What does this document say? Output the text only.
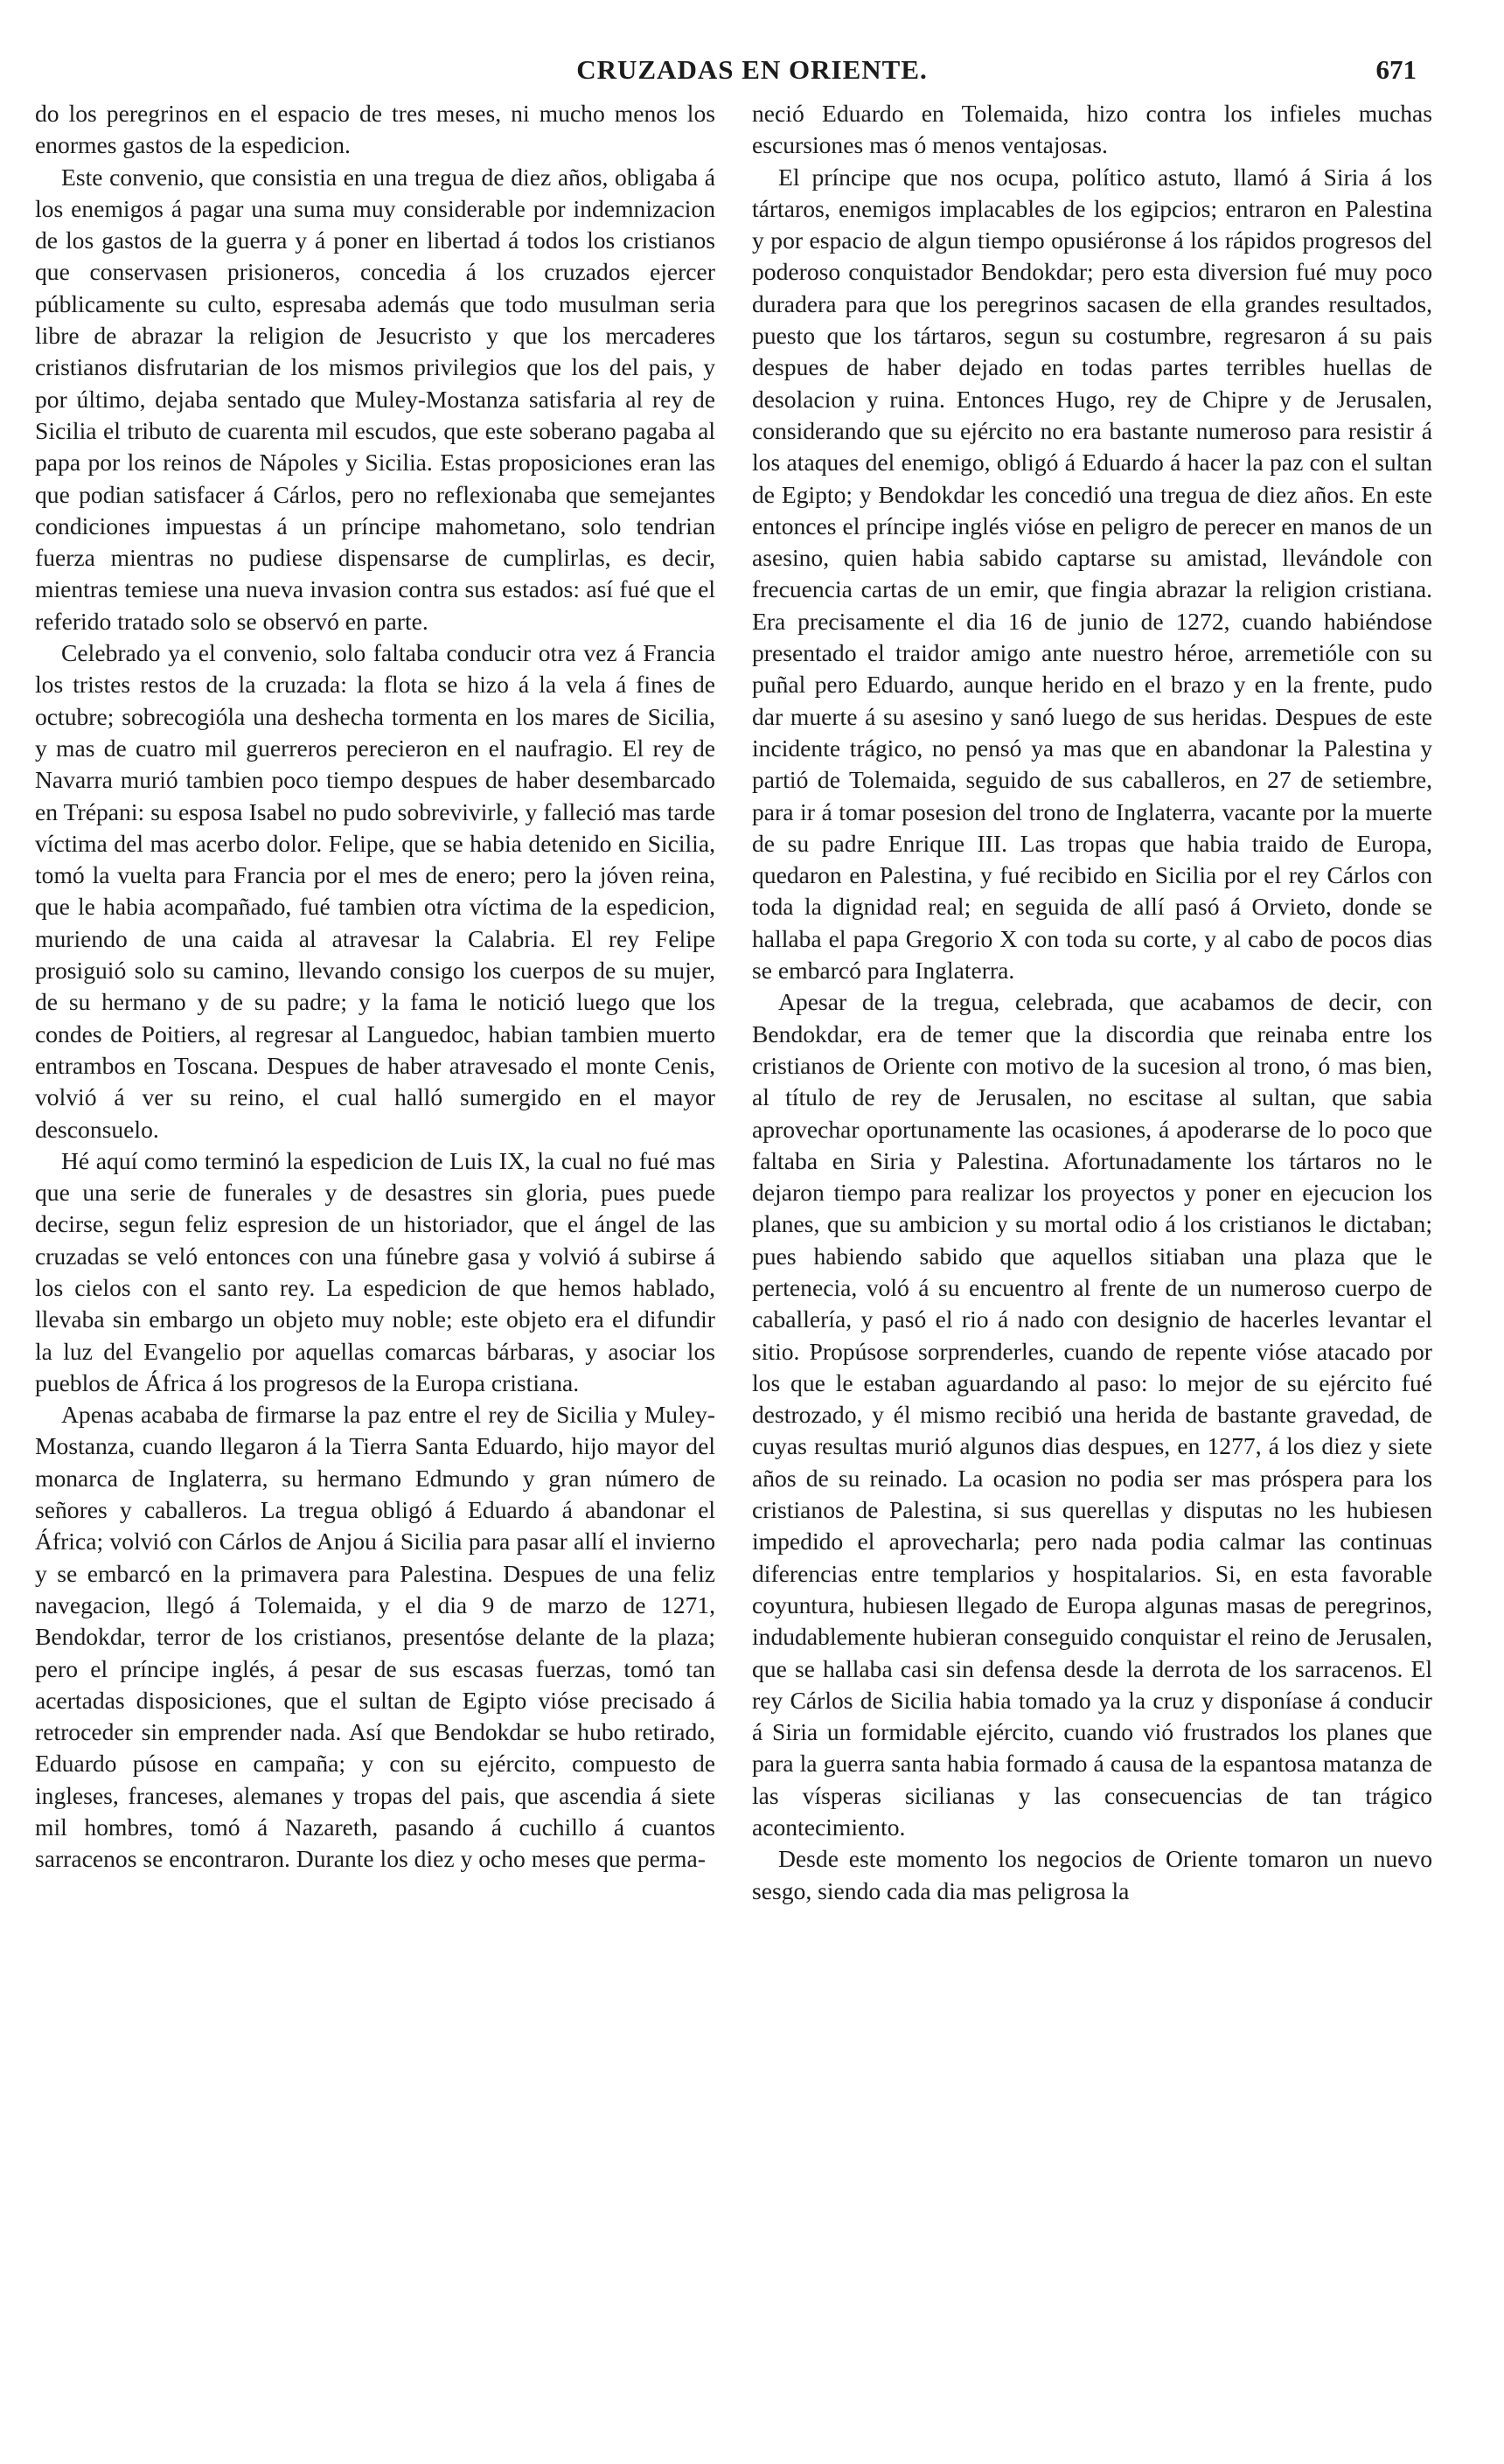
CRUZADAS EN ORIENTE.	671

do los peregrinos en el espacio de tres meses, ni mucho menos los enormes gastos de la espedicion.

Este convenio, que consistia en una tregua de diez años, obligaba á los enemigos á pagar una suma muy considerable por indemnizacion de los gastos de la guerra y á poner en libertad á todos los cristianos que conservasen prisioneros, concedia á los cruzados ejercer públicamente su culto, espresaba además que todo musulman seria libre de abrazar la religion de Jesucristo y que los mercaderes cristianos disfrutarian de los mismos privilegios que los del pais, y por último, dejaba sentado que Muley-Mostanza satisfaria al rey de Sicilia el tributo de cuarenta mil escudos, que este soberano pagaba al papa por los reinos de Nápoles y Sicilia. Estas proposiciones eran las que podian satisfacer á Cárlos, pero no reflexionaba que semejantes condiciones impuestas á un príncipe mahometano, solo tendrian fuerza mientras no pudiese dispensarse de cumplirlas, es decir, mientras temiese una nueva invasion contra sus estados: así fué que el referido tratado solo se observó en parte.

Celebrado ya el convenio, solo faltaba conducir otra vez á Francia los tristes restos de la cruzada: la flota se hizo á la vela á fines de octubre; sobrecogióla una deshecha tormenta en los mares de Sicilia, y mas de cuatro mil guerreros perecieron en el naufragio. El rey de Navarra murió tambien poco tiempo despues de haber desembarcado en Trépani: su esposa Isabel no pudo sobrevivirle, y falleció mas tarde víctima del mas acerbo dolor. Felipe, que se habia detenido en Sicilia, tomó la vuelta para Francia por el mes de enero; pero la jóven reina, que le habia acompañado, fué tambien otra víctima de la espedicion, muriendo de una caida al atravesar la Calabria. El rey Felipe prosiguió solo su camino, llevando consigo los cuerpos de su mujer, de su hermano y de su padre; y la fama le notició luego que los condes de Poitiers, al regresar al Languedoc, habian tambien muerto entrambos en Toscana. Despues de haber atravesado el monte Cenis, volvió á ver su reino, el cual halló sumergido en el mayor desconsuelo.

Hé aquí como terminó la espedicion de Luis IX, la cual no fué mas que una serie de funerales y de desastres sin gloria, pues puede decirse, segun feliz espresion de un historiador, que el ángel de las cruzadas se veló entonces con una fúnebre gasa y volvió á subirse á los cielos con el santo rey. La espedicion de que hemos hablado, llevaba sin embargo un objeto muy noble; este objeto era el difundir la luz del Evangelio por aquellas comarcas bárbaras, y asociar los pueblos de África á los progresos de la Europa cristiana.

Apenas acababa de firmarse la paz entre el rey de Sicilia y Muley-Mostanza, cuando llegaron á la Tierra Santa Eduardo, hijo mayor del monarca de Inglaterra, su hermano Edmundo y gran número de señores y caballeros. La tregua obligó á Eduardo á abandonar el África; volvió con Cárlos de Anjou á Sicilia para pasar allí el invierno y se embarcó en la primavera para Palestina. Despues de una feliz navegacion, llegó á Tolemaida, y el dia 9 de marzo de 1271, Bendokdar, terror de los cristianos, presentóse delante de la plaza; pero el príncipe inglés, á pesar de sus escasas fuerzas, tomó tan acertadas disposiciones, que el sultan de Egipto vióse precisado á retroceder sin emprender nada. Así que Bendokdar se hubo retirado, Eduardo púsose en campaña; y con su ejército, compuesto de ingleses, franceses, alemanes y tropas del pais, que ascendia á siete mil hombres, tomó á Nazareth, pasando á cuchillo á cuantos sarracenos se encontraron. Durante los diez y ocho meses que perma-

neció Eduardo en Tolemaida, hizo contra los infieles muchas escursiones mas ó menos ventajosas.

El príncipe que nos ocupa, político astuto, llamó á Siria á los tártaros, enemigos implacables de los egipcios; entraron en Palestina y por espacio de algun tiempo opusiéronse á los rápidos progresos del poderoso conquistador Bendokdar; pero esta diversion fué muy poco duradera para que los peregrinos sacasen de ella grandes resultados, puesto que los tártaros, segun su costumbre, regresaron á su pais despues de haber dejado en todas partes terribles huellas de desolacion y ruina. Entonces Hugo, rey de Chipre y de Jerusalen, considerando que su ejército no era bastante numeroso para resistir á los ataques del enemigo, obligó á Eduardo á hacer la paz con el sultan de Egipto; y Bendokdar les concedió una tregua de diez años. En este entonces el príncipe inglés vióse en peligro de perecer en manos de un asesino, quien habia sabido captarse su amistad, llevándole con frecuencia cartas de un emir, que fingia abrazar la religion cristiana. Era precisamente el dia 16 de junio de 1272, cuando habiéndose presentado el traidor amigo ante nuestro héroe, arremetióle con su puñal pero Eduardo, aunque herido en el brazo y en la frente, pudo dar muerte á su asesino y sanó luego de sus heridas. Despues de este incidente trágico, no pensó ya mas que en abandonar la Palestina y partió de Tolemaida, seguido de sus caballeros, en 27 de setiembre, para ir á tomar posesion del trono de Inglaterra, vacante por la muerte de su padre Enrique III. Las tropas que habia traido de Europa, quedaron en Palestina, y fué recibido en Sicilia por el rey Cárlos con toda la dignidad real; en seguida de allí pasó á Orvieto, donde se hallaba el papa Gregorio X con toda su corte, y al cabo de pocos dias se embarcó para Inglaterra.

Apesar de la tregua, celebrada, que acabamos de decir, con Bendokdar, era de temer que la discordia que reinaba entre los cristianos de Oriente con motivo de la sucesion al trono, ó mas bien, al título de rey de Jerusalen, no escitase al sultan, que sabia aprovechar oportunamente las ocasiones, á apoderarse de lo poco que faltaba en Siria y Palestina. Afortunadamente los tártaros no le dejaron tiempo para realizar los proyectos y poner en ejecucion los planes, que su ambicion y su mortal odio á los cristianos le dictaban; pues habiendo sabido que aquellos sitiaban una plaza que le pertenecia, voló á su encuentro al frente de un numeroso cuerpo de caballería, y pasó el rio á nado con designio de hacerles levantar el sitio. Propúsose sorprenderles, cuando de repente vióse atacado por los que le estaban aguardando al paso: lo mejor de su ejército fué destrozado, y él mismo recibió una herida de bastante gravedad, de cuyas resultas murió algunos dias despues, en 1277, á los diez y siete años de su reinado. La ocasion no podia ser mas próspera para los cristianos de Palestina, si sus querellas y disputas no les hubiesen impedido el aprovecharla; pero nada podia calmar las continuas diferencias entre templarios y hospitalarios. Si, en esta favorable coyuntura, hubiesen llegado de Europa algunas masas de peregrinos, indudablemente hubieran conseguido conquistar el reino de Jerusalen, que se hallaba casi sin defensa desde la derrota de los sarracenos. El rey Cárlos de Sicilia habia tomado ya la cruz y disponíase á conducir á Siria un formidable ejército, cuando vió frustrados los planes que para la guerra santa habia formado á causa de la espantosa matanza de las vísperas sicilianas y las consecuencias de tan trágico acontecimiento.

Desde este momento los negocios de Oriente tomaron un nuevo sesgo, siendo cada dia mas peligrosa la
